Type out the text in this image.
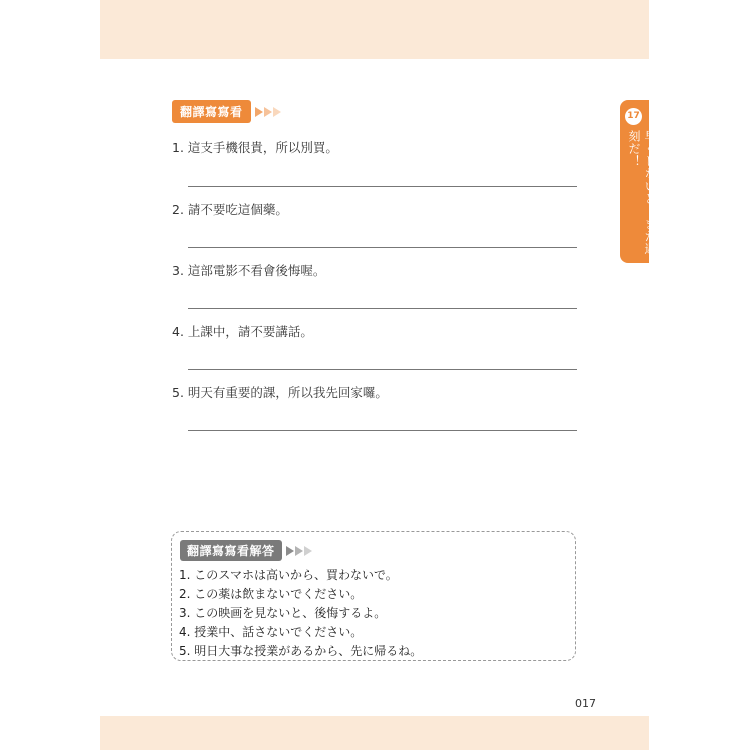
翻譯寫寫看
1. 這支手機很貴，所以別買。
2. 請不要吃這個藥。
3. 這部電影不看會後悔喔。
4. 上課中，請不要講話。
5. 明天有重要的課，所以我先回家囉。
17
早くしないと、また遅刻だ！
翻譯寫寫看解答
1. このスマホは高いから、買わないで。
2. この薬は飲まないでください。
3. この映画を見ないと、後悔するよ。
4. 授業中、話さないでください。
5. 明日大事な授業があるから、先に帰るね。
017
